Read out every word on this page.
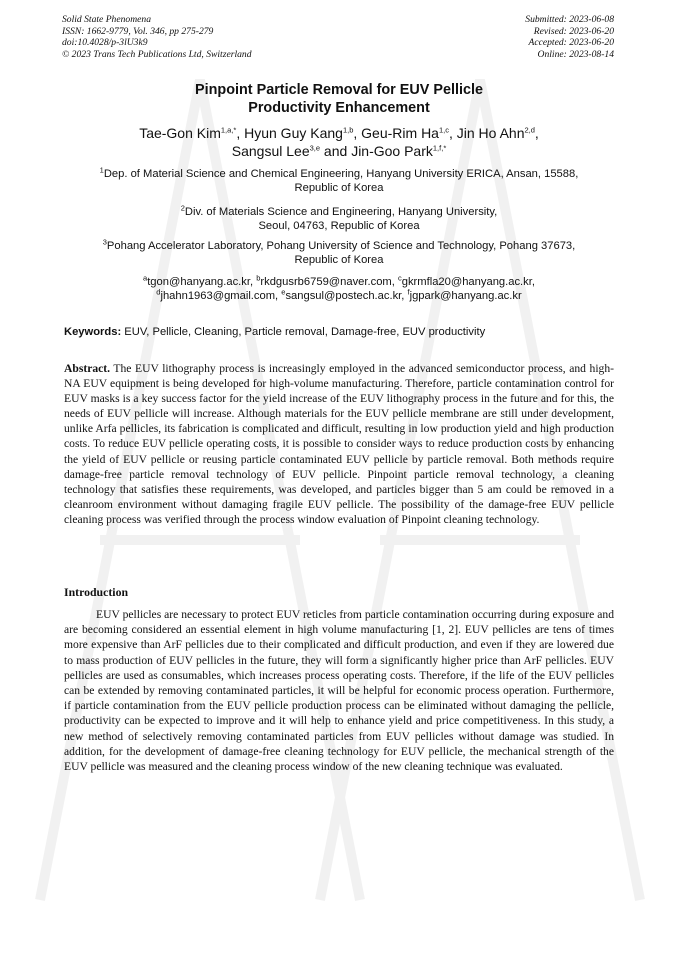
Solid State Phenomena
ISSN: 1662-9779, Vol. 346, pp 275-279
doi:10.4028/p-3lU3k9
© 2023 Trans Tech Publications Ltd, Switzerland
Submitted: 2023-06-08
Revised: 2023-06-20
Accepted: 2023-06-20
Online: 2023-08-14
Pinpoint Particle Removal for EUV Pellicle
Productivity Enhancement
Tae-Gon Kim$^{1,a,*}$, Hyun Guy Kang$^{1,b}$, Geu-Rim Ha$^{1,c}$, Jin Ho Ahn$^{2,d}$,
Sangsul Lee$^{3,e}$ and Jin-Goo Park$^{1,f,*}$
$^1$Dep. of Material Science and Chemical Engineering, Hanyang University ERICA, Ansan, 15588,
Republic of Korea
$^2$Div. of Materials Science and Engineering, Hanyang University,
Seoul, 04763, Republic of Korea
$^3$Pohang Accelerator Laboratory, Pohang University of Science and Technology, Pohang 37673,
Republic of Korea
$^a$tgon@hanyang.ac.kr, $^b$rkdgusrb6759@naver.com, $^c$gkrmfla20@hanyang.ac.kr,
$^d$jhahn1963@gmail.com, $^e$sangsul@postech.ac.kr, $^f$jgpark@hanyang.ac.kr
Keywords: EUV, Pellicle, Cleaning, Particle removal, Damage-free, EUV productivity
Abstract. The EUV lithography process is increasingly employed in the advanced semiconductor process, and high-NA EUV equipment is being developed for high-volume manufacturing. Therefore, particle contamination control for EUV masks is a key success factor for the yield increase of the EUV lithography process in the future and for this, the needs of EUV pellicle will increase. Although materials for the EUV pellicle membrane are still under development, unlike Arfa pellicles, its fabrication is complicated and difficult, resulting in low production yield and high production costs. To reduce EUV pellicle operating costs, it is possible to consider ways to reduce production costs by enhancing the yield of EUV pellicle or reusing particle contaminated EUV pellicle by particle removal. Both methods require damage-free particle removal technology of EUV pellicle. Pinpoint particle removal technology, a cleaning technology that satisfies these requirements, was developed, and particles bigger than 5 am could be removed in a cleanroom environment without damaging fragile EUV pellicle. The possibility of the damage-free EUV pellicle cleaning process was verified through the process window evaluation of Pinpoint cleaning technology.
Introduction
EUV pellicles are necessary to protect EUV reticles from particle contamination occurring during exposure and are becoming considered an essential element in high volume manufacturing [1, 2]. EUV pellicles are tens of times more expensive than ArF pellicles due to their complicated and difficult production, and even if they are lowered due to mass production of EUV pellicles in the future, they will form a significantly higher price than ArF pellicles. EUV pellicles are used as consumables, which increases process operating costs. Therefore, if the life of the EUV pellicles can be extended by removing contaminated particles, it will be helpful for economic process operation. Furthermore, if particle contamination from the EUV pellicle production process can be eliminated without damaging the pellicle, productivity can be expected to improve and it will help to enhance yield and price competitiveness. In this study, a new method of selectively removing contaminated particles from EUV pellicles without damage was studied. In addition, for the development of damage-free cleaning technology for EUV pellicle, the mechanical strength of the EUV pellicle was measured and the cleaning process window of the new cleaning technique was evaluated.
